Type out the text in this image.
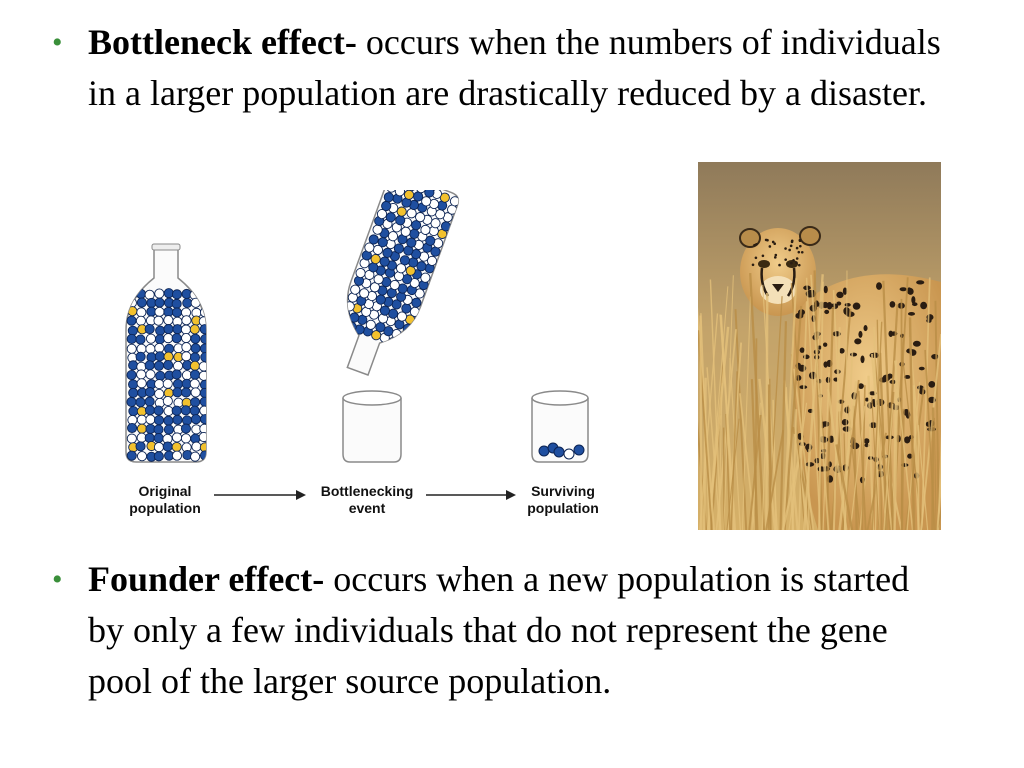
• Bottleneck effect- occurs when the numbers of individuals in a larger population are drastically reduced by a disaster.
Original
population
Bottlenecking
event
Surviving
population
• Founder effect- occurs when a new population is started by only a few individuals that do not represent the gene pool of the larger source population.
